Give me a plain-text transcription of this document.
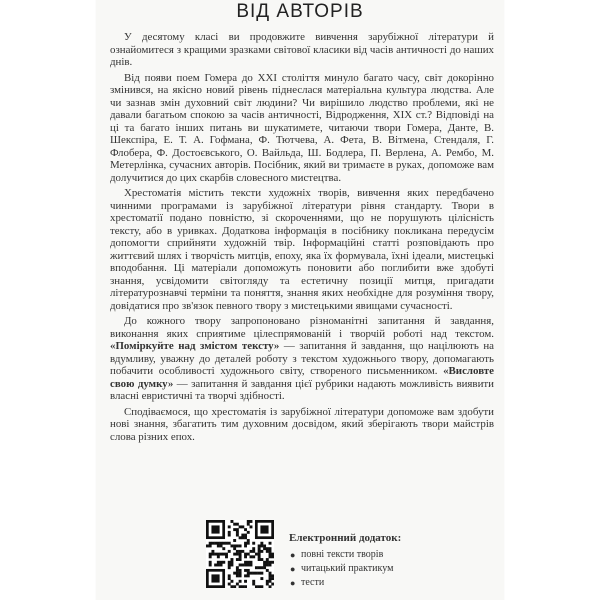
ВІД АВТОРІВ

У десятому класі ви продовжите вивчення зарубіжної літератури й ознайомитеся з кращими зразками світової класики від часів античності до наших днів.

Від появи поем Гомера до XXI століття минуло багато часу, світ докорінно змінився, на якісно новий рівень піднеслася матеріальна культура людства. Але чи зазнав змін духовний світ людини? Чи вирішило людство проблеми, які не давали багатьом спокою за часів античності, Відродження, XIX ст.? Відповіді на ці та багато інших питань ви шукатимете, читаючи твори Гомера, Данте, В. Шекспіра, Е. Т. А. Гофмана, Ф. Тютчева, А. Фета, В. Вітмена, Стендаля, Г. Флобера, Ф. Достоєвського, О. Вайльда, Ш. Бодлера, П. Верлена, А. Рембо, М. Метерлінка, сучасних авторів. Посібник, який ви тримаєте в руках, допоможе вам долучитися до цих скарбів словесного мистецтва.

Хрестоматія містить тексти художніх творів, вивчення яких передбачено чинними програмами із зарубіжної літератури рівня стандарту. Твори в хрестоматії подано повністю, зі скороченнями, що не порушують цілісність тексту, або в уривках. Додаткова інформація в посібнику покликана передусім допомогти сприйняти художній твір. Інформаційні статті розповідають про життєвий шлях і творчість митців, епоху, яка їх формувала, їхні ідеали, мистецькі вподобання. Ці матеріали допоможуть поновити або поглибити вже здобуті знання, усвідомити світогляду та естетичну позиції митця, пригадати літературознавчі терміни та поняття, знання яких необхідне для розуміння твору, довідатися про зв'язок певного твору з мистецькими явищами сучасності.

До кожного твору запропоновано різноманітні запитання й завдання, виконання яких сприятиме цілеспрямованій і творчій роботі над текстом. «Поміркуйте над змістом тексту» — запитання й завдання, що націлюють на вдумливу, уважну до деталей роботу з текстом художнього твору, допомагають побачити особливості художнього світу, створеного письменником. «Висловте свою думку» — запитання й завдання цієї рубрики надають можливість виявити власні евристичні та творчі здібності.

Сподіваємося, що хрестоматія із зарубіжної літератури допоможе вам здобути нові знання, збагатить тим духовним досвідом, який зберігають твори майстрів слова різних епох.

Електронний додаток:
● повні тексти творів
● читацький практикум
● тести
